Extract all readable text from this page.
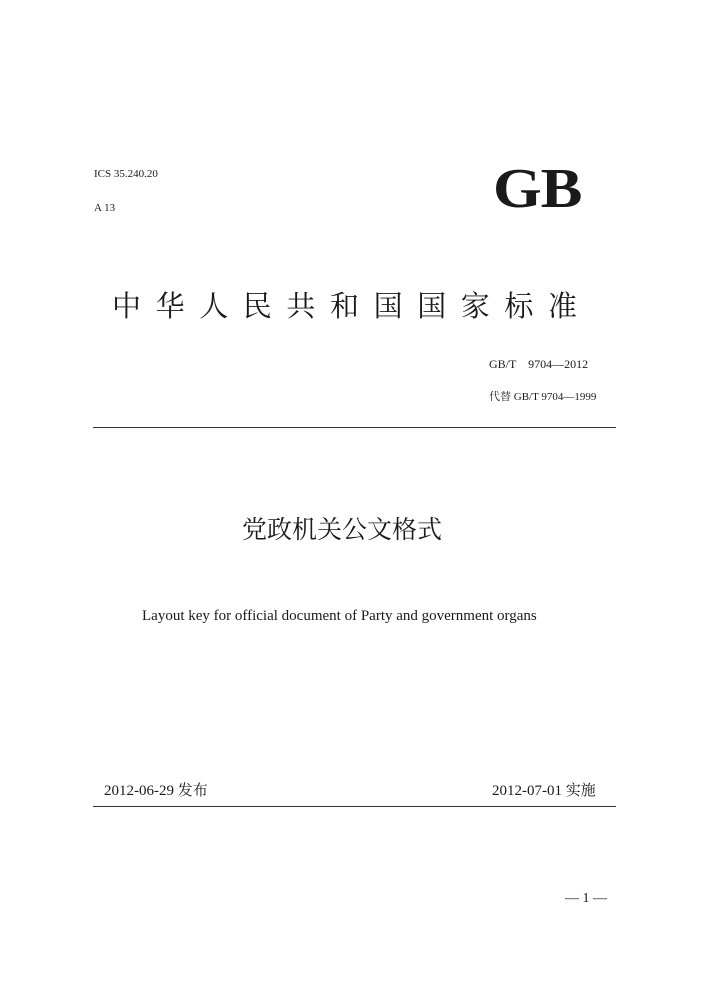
ICS 35.240.20
A 13	GB
中华人民共和国国家标准
GB/T　9704—2012
代替 GB/T 9704—1999
党政机关公文格式
Layout key for official document of Party and government organs
2012-06-29 发布	2012-07-01 实施
— 1 —
